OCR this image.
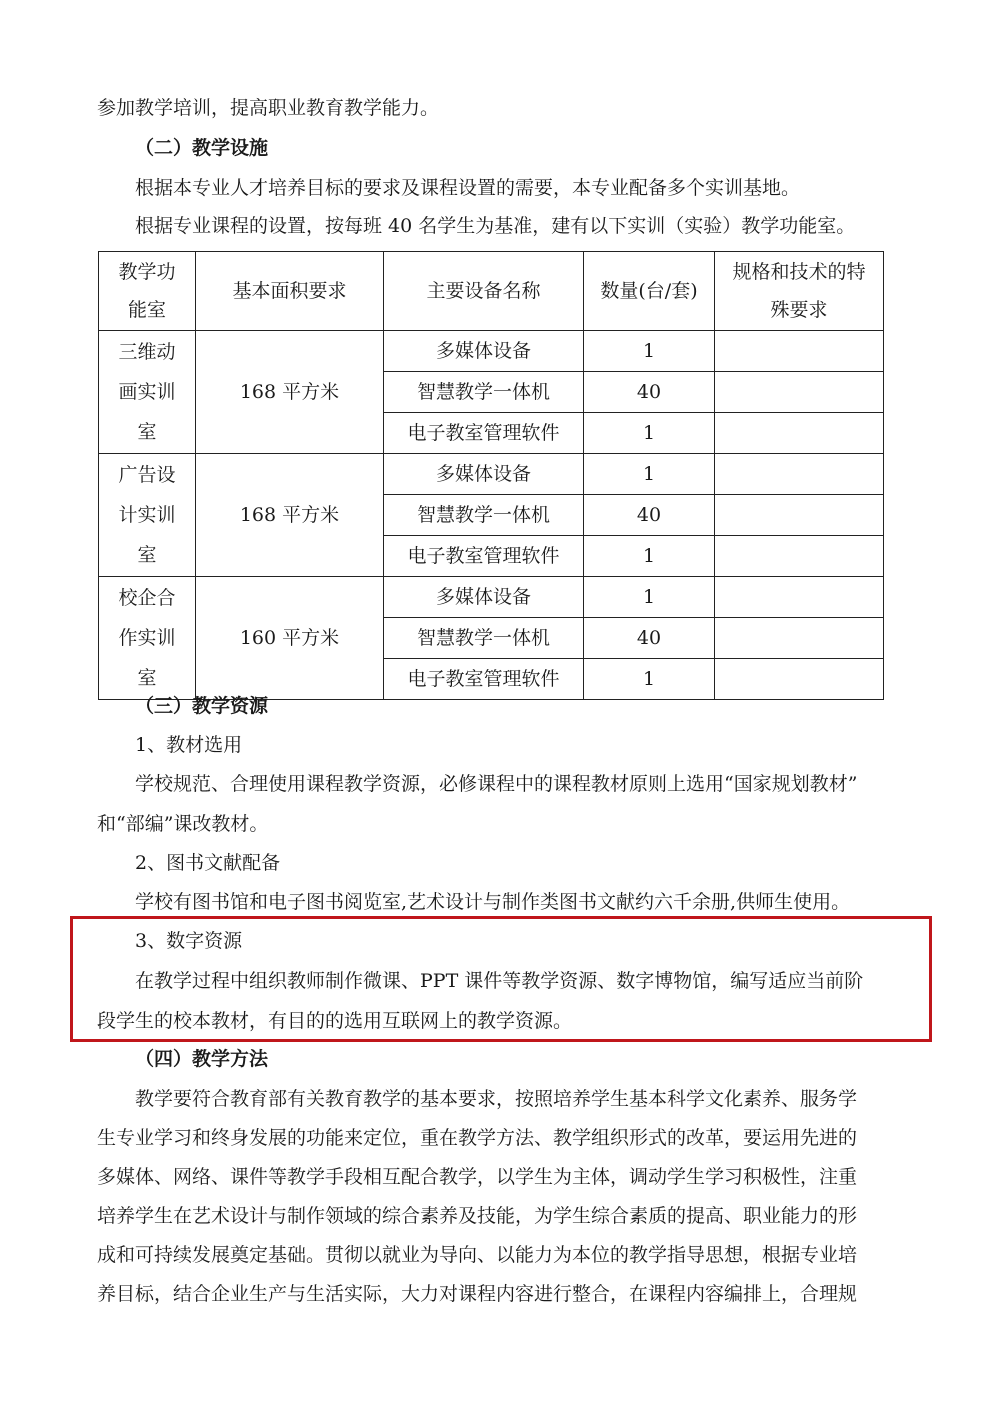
参加教学培训，提高职业教育教学能力。
（二）教学设施
根据本专业人才培养目标的要求及课程设置的需要，本专业配备多个实训基地。
根据专业课程的设置，按每班 40 名学生为基准，建有以下实训（实验）教学功能室。
教学功
能室	基本面积要求	主要设备名称	数量(台/套)	规格和技术的特
殊要求
三维动
画实训
室	168 平方米	多媒体设备	1	
		智慧教学一体机	40	
		电子教室管理软件	1	
广告设
计实训
室	168 平方米	多媒体设备	1	
		智慧教学一体机	40	
		电子教室管理软件	1	
校企合
作实训
室	160 平方米	多媒体设备	1	
		智慧教学一体机	40	
		电子教室管理软件	1	
（三）教学资源
1、教材选用
学校规范、合理使用课程教学资源，必修课程中的课程教材原则上选用“国家规划教材”
和“部编”课改教材。
2、图书文献配备
学校有图书馆和电子图书阅览室,艺术设计与制作类图书文献约六千余册,供师生使用。
3、数字资源
在教学过程中组织教师制作微课、PPT 课件等教学资源、数字博物馆，编写适应当前阶
段学生的校本教材，有目的的选用互联网上的教学资源。
（四）教学方法
教学要符合教育部有关教育教学的基本要求，按照培养学生基本科学文化素养、服务学
生专业学习和终身发展的功能来定位，重在教学方法、教学组织形式的改革，要运用先进的
多媒体、网络、课件等教学手段相互配合教学，以学生为主体，调动学生学习积极性，注重
培养学生在艺术设计与制作领域的综合素养及技能，为学生综合素质的提高、职业能力的形
成和可持续发展奠定基础。贯彻以就业为导向、以能力为本位的教学指导思想，根据专业培
养目标，结合企业生产与生活实际，大力对课程内容进行整合，在课程内容编排上，合理规
